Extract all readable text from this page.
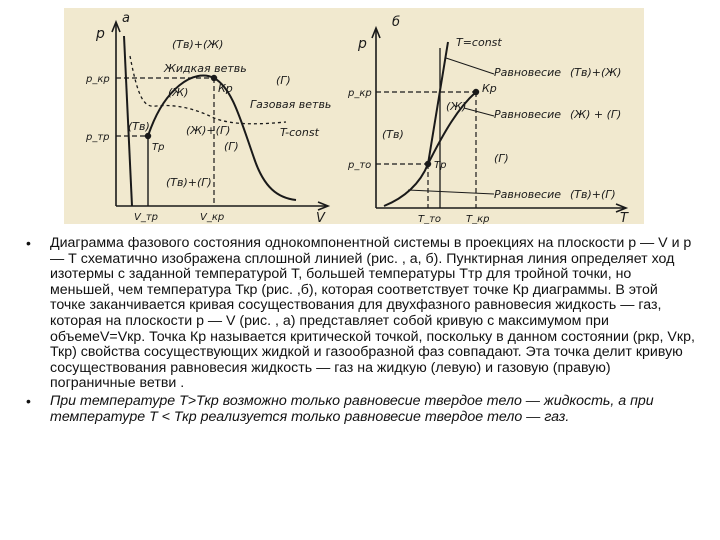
а
p
V
p_кр
p_тр
V_тр	V_кр
(Тв)+(Ж)
Жидкая ветвь
Газовая ветвь
(Ж)
(Г)
Кр
(Тв)	(Ж)+(Г)	T-const
Тр	(Г)
(Тв)+(Г)
б
p
T
T=const
p_кр
p_то
T_то T_кр
Равновесие (Тв)+(Ж)
Кр
Равновесие (Ж) + (Г)
(Ж)
(Тв)
Тр
(Г)
Равновесие (Тв)+(Г)
• Диаграмма фазового состояния однокомпонентной системы в проекциях на плоскости р — V и р — Т схематично изображена сплошной линией (рис. , а, б). Пунктирная линия определяет ход изотермы с заданной температурой Т, большей температуры Ттр для тройной точки, но меньшей, чем температура Ткр (рис. ,б), которая соответствует точке Кр диаграммы. В этой точке заканчивается кривая сосуществования для двухфазного равновесия жидкость — газ, которая на плоскости р — V (рис. , а) представляет собой кривую с максимумом при объемеV=Vкр. Точка Кр называется критической точкой, поскольку в данном состоянии (ркр, Vкр, Ткр) свойства сосуществующих жидкой и газообразной фаз совпадают. Эта точка делит кривую сосуществования равновесия жидкость — газ на жидкую (левую) и газовую (правую) пограничные ветви .
• При температуре Т>Ткр возможно только равновесие твердое тело — жидкость, а при температуре Т < Ткр реализуется только равновесие твердое тело — газ.
